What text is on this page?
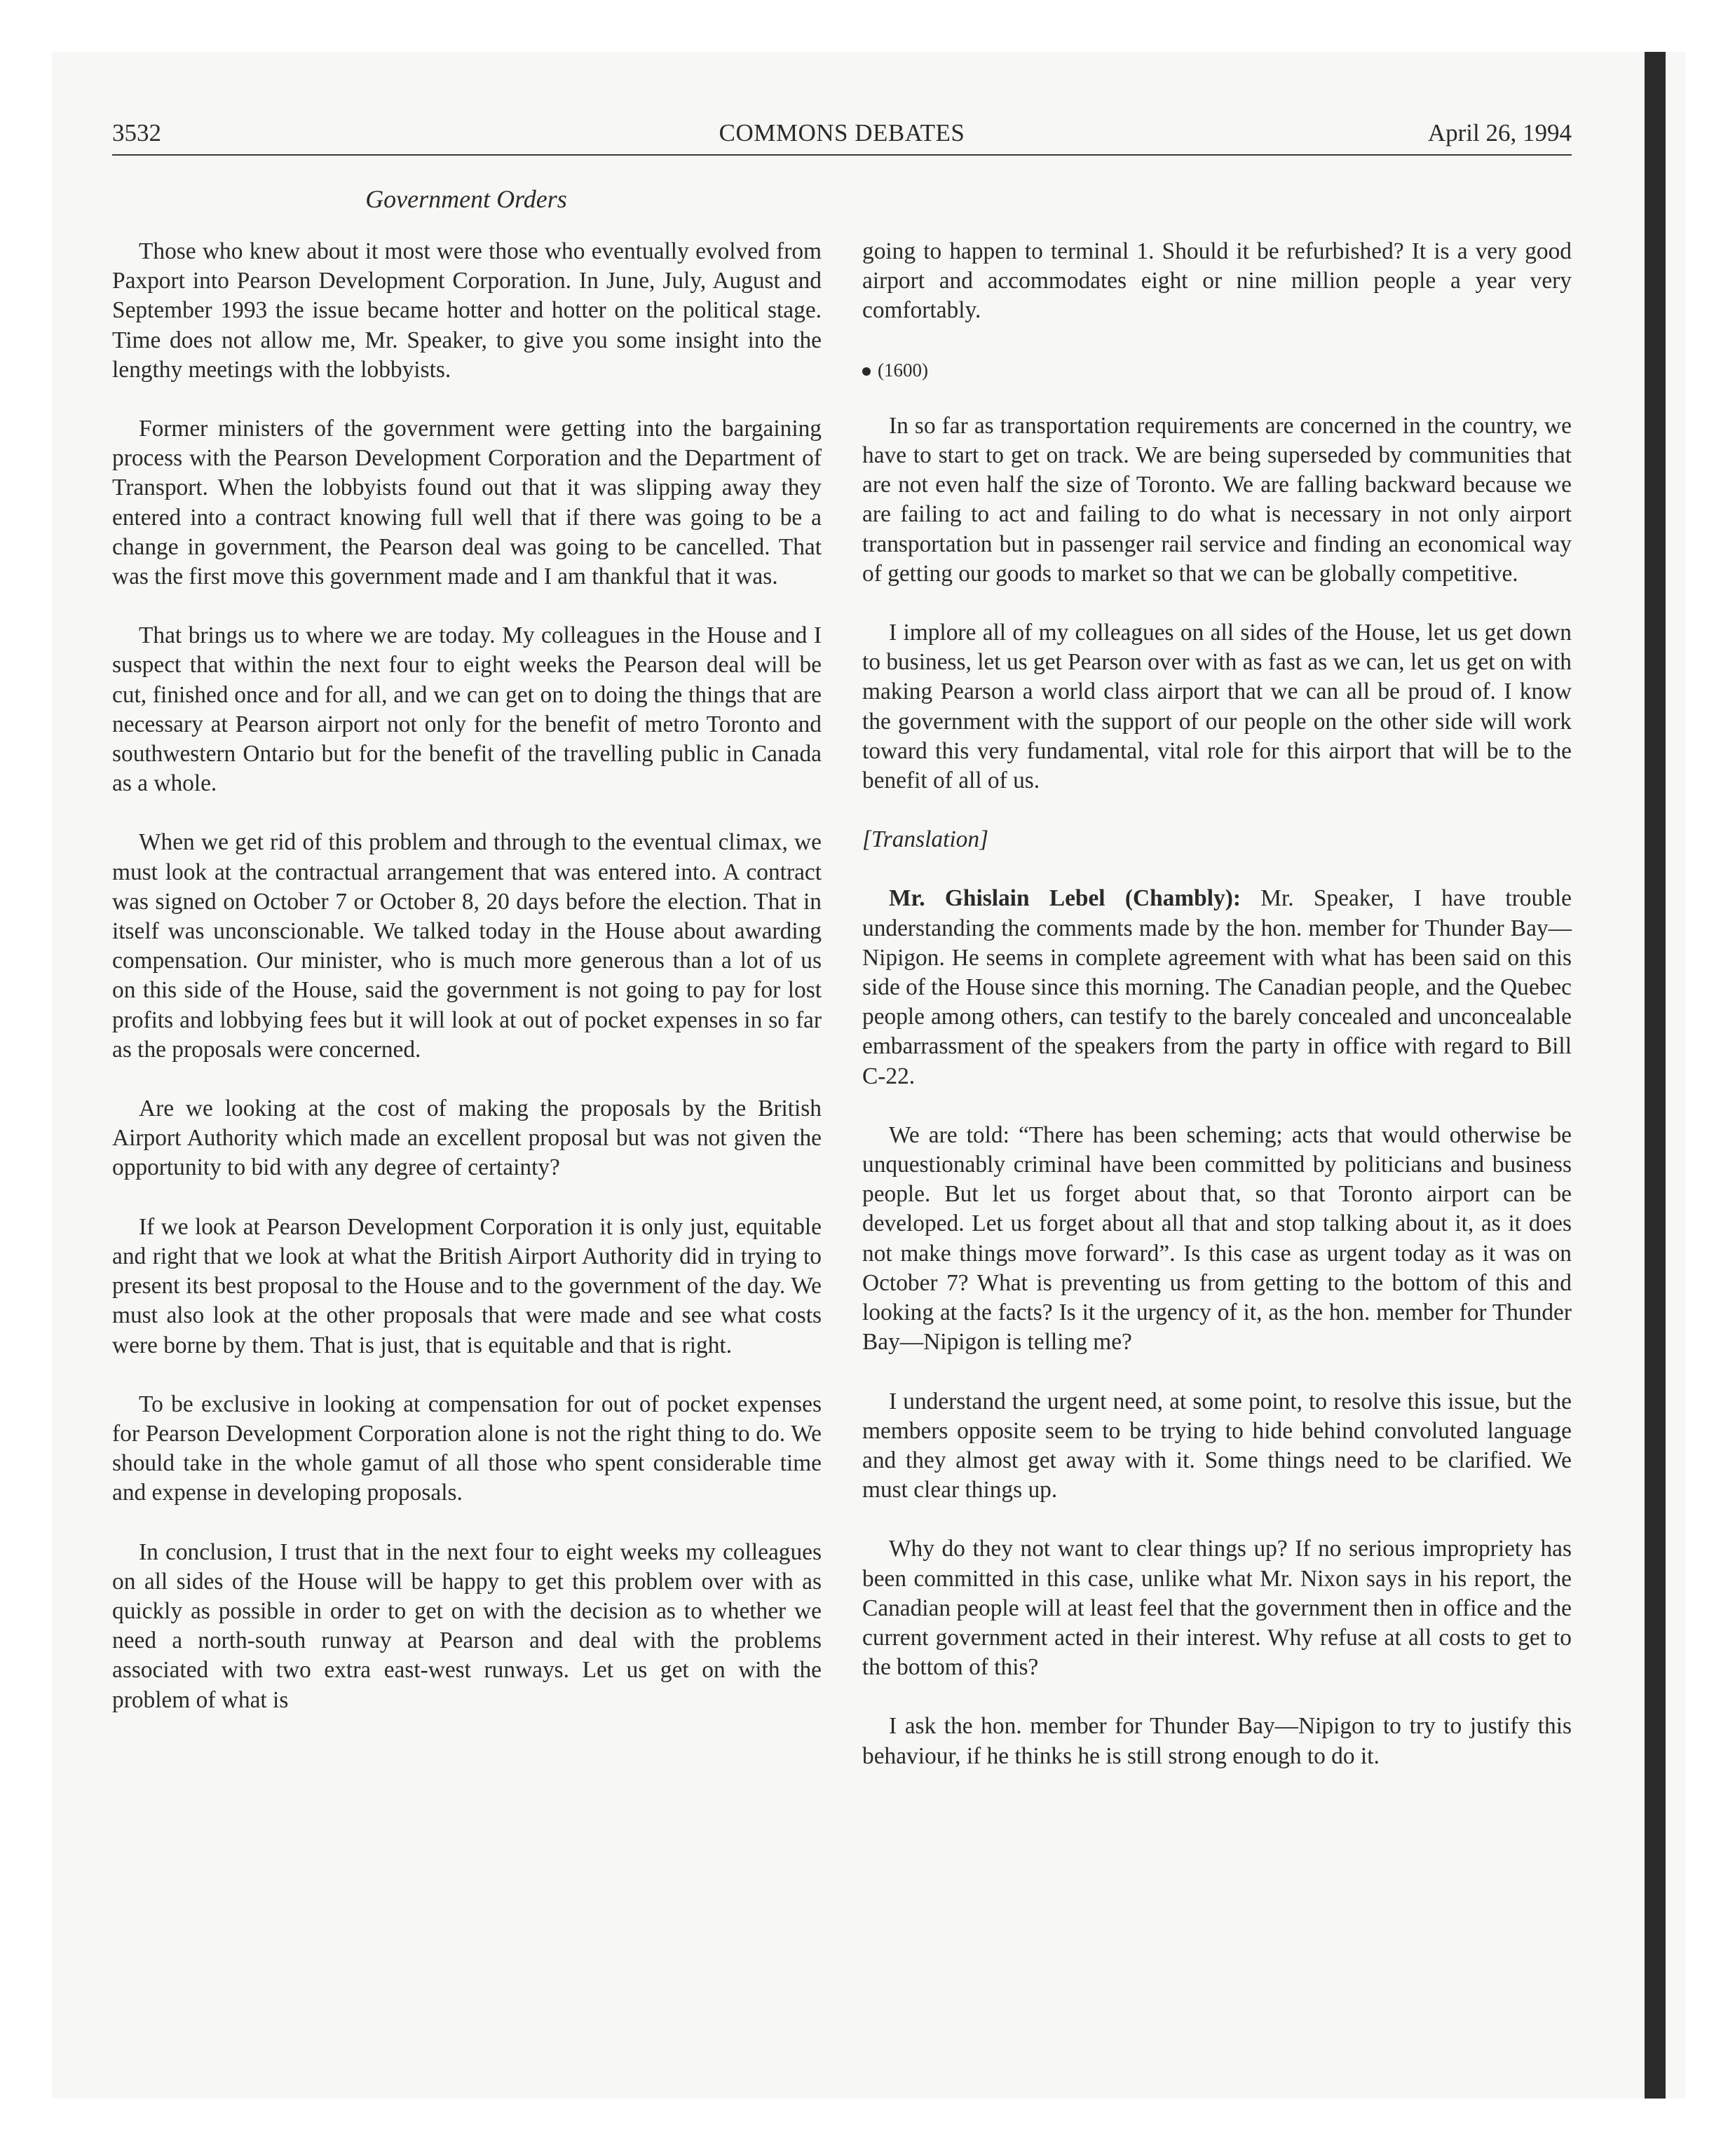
3532	COMMONS DEBATES	April 26, 1994
Government Orders

Those who knew about it most were those who eventually evolved from Paxport into Pearson Development Corporation. In June, July, August and September 1993 the issue became hotter and hotter on the political stage. Time does not allow me, Mr. Speaker, to give you some insight into the lengthy meetings with the lobbyists.

Former ministers of the government were getting into the bargaining process with the Pearson Development Corporation and the Department of Transport. When the lobbyists found out that it was slipping away they entered into a contract knowing full well that if there was going to be a change in government, the Pearson deal was going to be cancelled. That was the first move this government made and I am thankful that it was.

That brings us to where we are today. My colleagues in the House and I suspect that within the next four to eight weeks the Pearson deal will be cut, finished once and for all, and we can get on to doing the things that are necessary at Pearson airport not only for the benefit of metro Toronto and southwestern Ontario but for the benefit of the travelling public in Canada as a whole.

When we get rid of this problem and through to the eventual climax, we must look at the contractual arrangement that was entered into. A contract was signed on October 7 or October 8, 20 days before the election. That in itself was unconscionable. We talked today in the House about awarding compensation. Our minister, who is much more generous than a lot of us on this side of the House, said the government is not going to pay for lost profits and lobbying fees but it will look at out of pocket expenses in so far as the proposals were concerned.

Are we looking at the cost of making the proposals by the British Airport Authority which made an excellent proposal but was not given the opportunity to bid with any degree of certainty?

If we look at Pearson Development Corporation it is only just, equitable and right that we look at what the British Airport Authority did in trying to present its best proposal to the House and to the government of the day. We must also look at the other proposals that were made and see what costs were borne by them. That is just, that is equitable and that is right.

To be exclusive in looking at compensation for out of pocket expenses for Pearson Development Corporation alone is not the right thing to do. We should take in the whole gamut of all those who spent considerable time and expense in developing proposals.

In conclusion, I trust that in the next four to eight weeks my colleagues on all sides of the House will be happy to get this problem over with as quickly as possible in order to get on with the decision as to whether we need a north-south runway at Pearson and deal with the problems associated with two extra east-west runways. Let us get on with the problem of what is

going to happen to terminal 1. Should it be refurbished? It is a very good airport and accommodates eight or nine million people a year very comfortably.

(1600)

In so far as transportation requirements are concerned in the country, we have to start to get on track. We are being superseded by communities that are not even half the size of Toronto. We are falling backward because we are failing to act and failing to do what is necessary in not only airport transportation but in passenger rail service and finding an economical way of getting our goods to market so that we can be globally competitive.

I implore all of my colleagues on all sides of the House, let us get down to business, let us get Pearson over with as fast as we can, let us get on with making Pearson a world class airport that we can all be proud of. I know the government with the support of our people on the other side will work toward this very fundamental, vital role for this airport that will be to the benefit of all of us.

[Translation]

Mr. Ghislain Lebel (Chambly): Mr. Speaker, I have trouble understanding the comments made by the hon. member for Thunder Bay—Nipigon. He seems in complete agreement with what has been said on this side of the House since this morning. The Canadian people, and the Quebec people among others, can testify to the barely concealed and unconcealable embarrassment of the speakers from the party in office with regard to Bill C-22.

We are told: “There has been scheming; acts that would otherwise be unquestionably criminal have been committed by politicians and business people. But let us forget about that, so that Toronto airport can be developed. Let us forget about all that and stop talking about it, as it does not make things move forward”. Is this case as urgent today as it was on October 7? What is preventing us from getting to the bottom of this and looking at the facts? Is it the urgency of it, as the hon. member for Thunder Bay—Nipigon is telling me?

I understand the urgent need, at some point, to resolve this issue, but the members opposite seem to be trying to hide behind convoluted language and they almost get away with it. Some things need to be clarified. We must clear things up.

Why do they not want to clear things up? If no serious impropriety has been committed in this case, unlike what Mr. Nixon says in his report, the Canadian people will at least feel that the government then in office and the current government acted in their interest. Why refuse at all costs to get to the bottom of this?

I ask the hon. member for Thunder Bay—Nipigon to try to justify this behaviour, if he thinks he is still strong enough to do it.
